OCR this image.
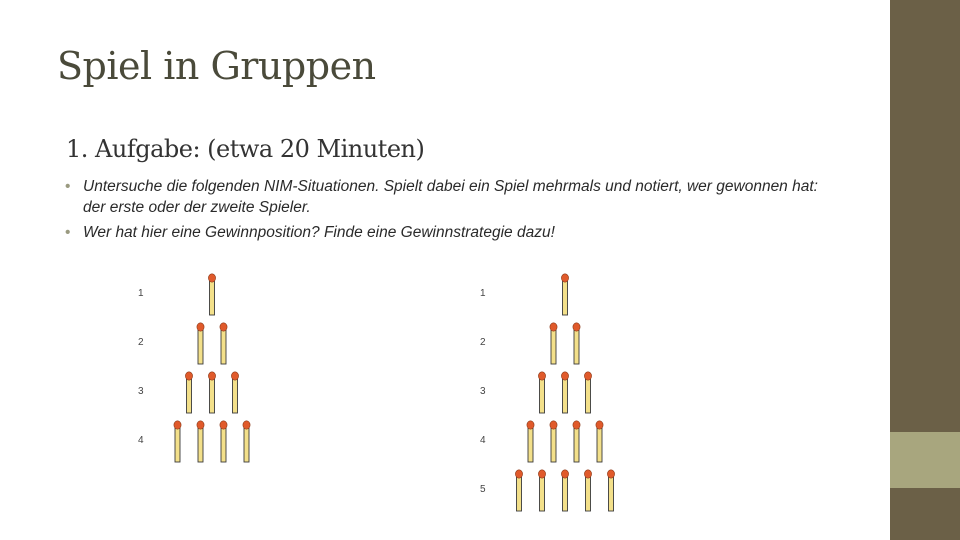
Spiel in Gruppen
1. Aufgabe: (etwa 20 Minuten)
• Untersuche die folgenden NIM-Situationen. Spielt dabei ein Spiel mehrmals und notiert, wer gewonnen hat: der erste oder der zweite Spieler.
• Wer hat hier eine Gewinnposition? Finde eine Gewinnstrategie dazu!
1
2
3
4
1
2
3
4
5
